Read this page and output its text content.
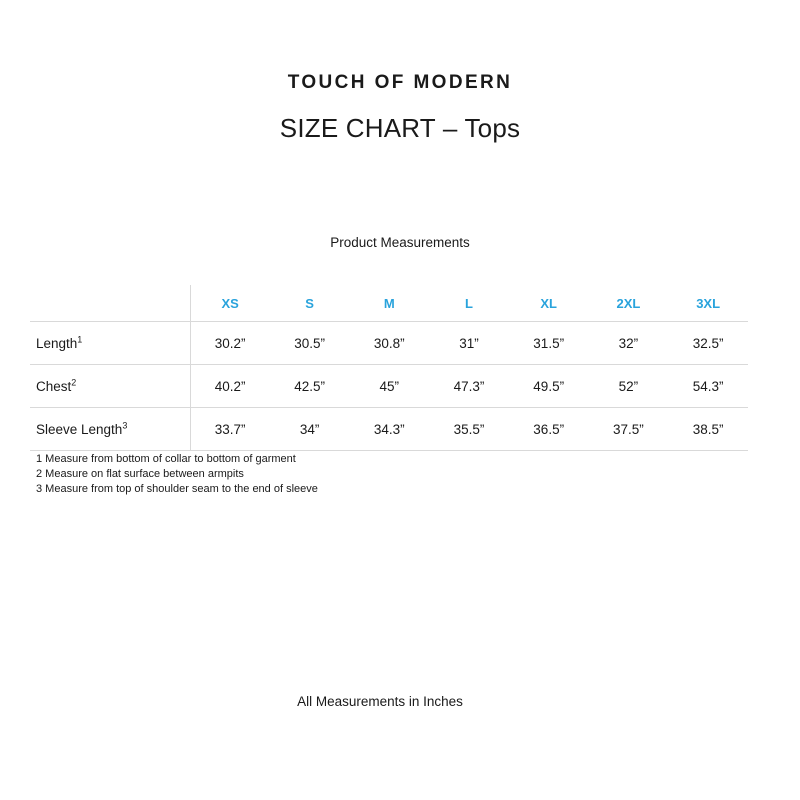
TOUCH OF MODERN
SIZE CHART – Tops
Product Measurements
	XS	S	M	L	XL	2XL	3XL
Length$^1$	30.2”	30.5”	30.8”	31”	31.5”	32”	32.5”
Chest$^2$	40.2”	42.5”	45”	47.3”	49.5”	52”	54.3”
Sleeve Length$^3$	33.7”	34”	34.3”	35.5”	36.5”	37.5”	38.5”
1 Measure from bottom of collar to bottom of garment
2 Measure on flat surface between armpits
3 Measure from top of shoulder seam to the end of sleeve
All Measurements in Inches
